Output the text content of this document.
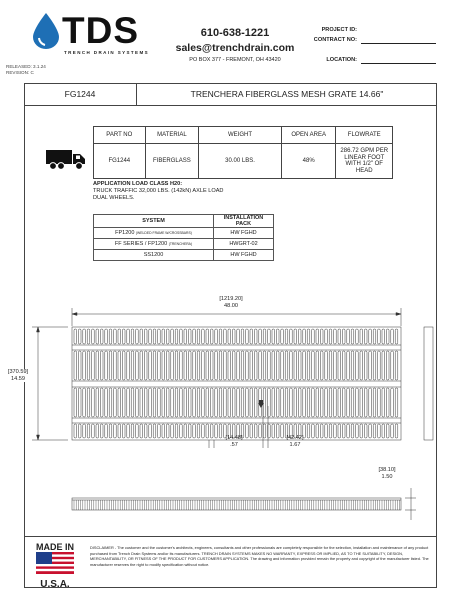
TDS
TRENCH DRAIN SYSTEMS
RELEASED: 3.1.24
REVISION: C
610-638-1221
sales@trenchdrain.com
PO BOX 377 - FREMONT, OH 43420
PROJECT ID:
CONTRACT NO:
LOCATION:
FG1244	TRENCHERA FIBERGLASS MESH GRATE 14.66"
PART NO	MATERIAL	WEIGHT	OPEN AREA	FLOWRATE
FG1244	FIBERGLASS	30.00 LBS.	48%	286.72 GPM PER LINEAR FOOT WITH 1/2" OF HEAD
APPLICATION LOAD CLASS H20:
TRUCK TRAFFIC 32,000 LBS. (142kN) AXLE LOAD
DUAL WHEELS.
SYSTEM	INSTALLATION PACK
FP1200 (WELDED FRAME W/CROSSBARS)	HW FGHD
FF SERIES / FP1200 (TRENCHERA)	HWGRT-02
SS1200	HW FGHD
[1219.20]
48.00
[370.59]
14.59
[14.48]
.57
[42.42]
1.67
[38.10]
1.50
MADE IN
U.S.A.
DISCLAIMER - The customer and the customer's architects, engineers, consultants and other professionals are completely responsible for the selection, installation and maintenance of any product purchased from Trench Drain Systems and/or its manufacturers. TRENCH DRAIN SYSTEMS MAKES NO WARRANTY, EXPRESS OR IMPLIED, AS TO THE SUITABILITY, DESIGN, MERCHANTABILITY, OR FITNESS OF THE PRODUCT FOR CUSTOMERS APPLICATION. The drawing and information provided remain the property and copyright of the manufacturer listed. The manufacturer reserves the right to modify specification without notice.
